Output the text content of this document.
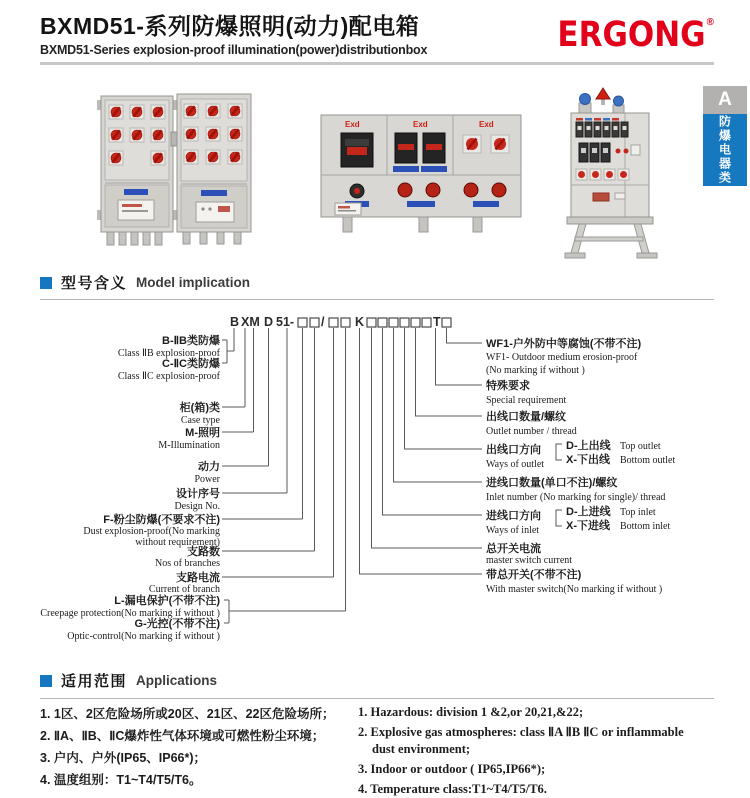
BXMD51-系列防爆照明(动力)配电箱
BXMD51-Series explosion-proof illumination(power)distributionbox	ERGONG ®
A
防爆电器类
Exd	Exd	Exd
型号含义 Model implication
B XM D 51- / K	T
B-ⅡB类防爆
Class ⅡB explosion-proof
C-ⅡC类防爆
Class ⅡC explosion-proof
柜(箱)类
Case type
M-照明
M-Illumination
动力
Power
设计序号
Design No.
F-粉尘防爆(不要求不注)
Dust explosion-proof(No marking
without requirement)
支路数
Nos of branches
支路电流
Current of branch
L-漏电保护(不带不注)
Creepage protection(No marking if without )
G-光控(不带不注)
Optic-control(No marking if without )
WF1-户外防中等腐蚀(不带不注)
WF1- Outdoor medium erosion-proof
(No marking if without )
特殊要求
Special requirement
出线口数量/螺纹
Outlet number / thread
出线口方向
Ways of outlet
D-上出线 Top outlet
X-下出线 Bottom outlet
进线口数量(单口不注)/螺纹
Inlet number (No marking for single)/ thread
进线口方向
Ways of inlet
D-上进线 Top inlet
X-下进线 Bottom inlet
总开关电流
master switch current
带总开关(不带不注)
With master switch(No marking if without )
适用范围 Applications
1. 1区、2区危险场所或20区、21区、22区危险场所；
2. ⅡA、ⅡB、ⅡC爆炸性气体环境或可燃性粉尘环境；
3. 户内、户外(IP65、IP66*)；
4. 温度组别：T1~T4/T5/T6。
1. Hazardous: division 1 &2,or 20,21,&22;
2. Explosive gas atmospheres: class ⅡA ⅡB ⅡC or inflammable
dust environment;
3. Indoor or outdoor ( IP65,IP66*);
4. Temperature class:T1~T4/T5/T6.
